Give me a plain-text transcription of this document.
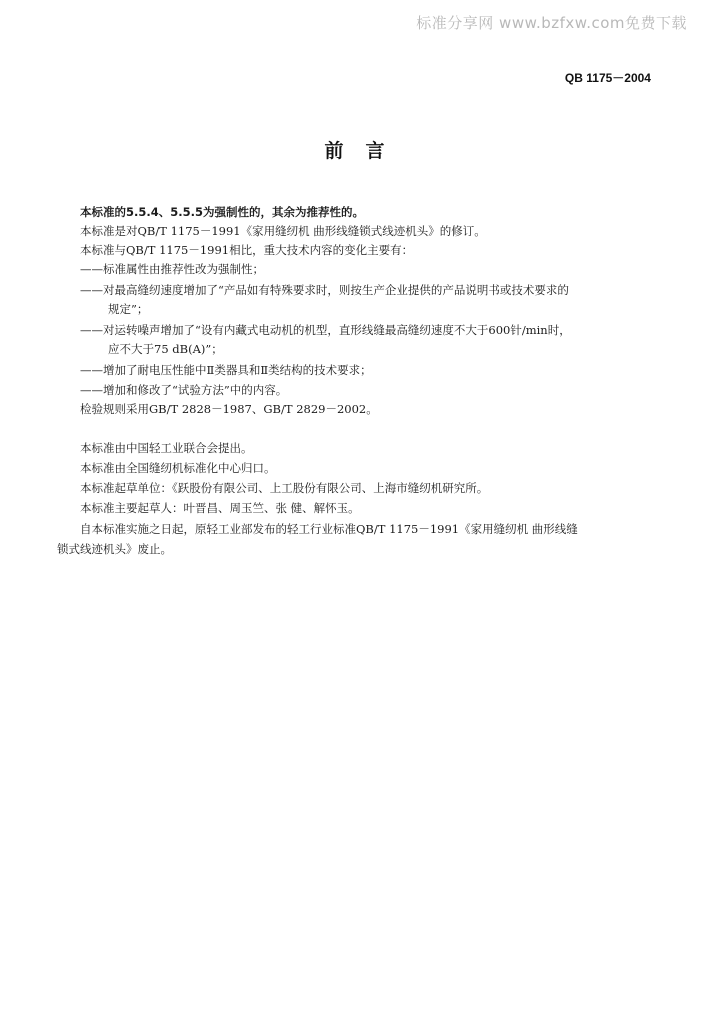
标准分享网 www.bzfxw.com免费下载
QB 1175－2004
前言
本标准的5.5.4、5.5.5为强制性的，其余为推荐性的。
本标准是对QB/T 1175－1991《家用缝纫机 曲形线缝锁式线迹机头》的修订。
本标准与QB/T 1175－1991相比，重大技术内容的变化主要有：
——标准属性由推荐性改为强制性；
——对最高缝纫速度增加了“产品如有特殊要求时，则按生产企业提供的产品说明书或技术要求的
规定”；
——对运转噪声增加了“设有内藏式电动机的机型，直形线缝最高缝纫速度不大于600针/min时，
应不大于75 dB(A)”；
——增加了耐电压性能中Ⅱ类器具和Ⅱ类结构的技术要求；
——增加和修改了“试验方法”中的内容。
检验规则采用GB/T 2828－1987、GB/T 2829－2002。
本标准由中国轻工业联合会提出。
本标准由全国缝纫机标准化中心归口。
本标准起草单位：《跃股份有限公司、上工股份有限公司、上海市缝纫机研究所。
本标准主要起草人：叶晋昌、周玉竺、张 健、解怀玉。
自本标准实施之日起，原轻工业部发布的轻工行业标准QB/T 1175－1991《家用缝纫机 曲形线缝
锁式线迹机头》废止。
